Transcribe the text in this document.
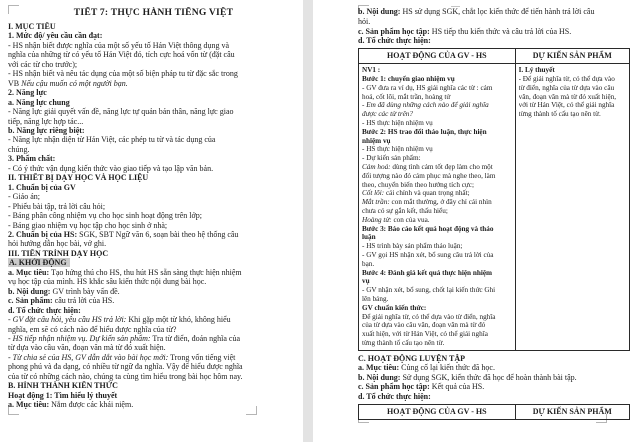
TIẾT 7: THỰC HÀNH TIẾNG VIỆT
I. MỤC TIÊU
1. Mức độ/ yêu cầu cần đạt:
- HS nhận biết được nghĩa của một số yếu tố Hán Việt thông dụng và
nghĩa của những từ có yếu tố Hán Việt đó, tích cực hoá vốn từ (đặt câu
với các từ cho trước);
- HS nhận biết và nêu tác dụng của một số biện pháp tu từ đặc sắc trong
VB Nếu cậu muốn có một người bạn.
2. Năng lực
a. Năng lực chung
- Năng lực giải quyết vấn đề, năng lực tự quản bản thân, năng lực giao
tiếp, năng lực hợp tác...
b. Năng lực riêng biệt:
- Năng lực nhận diện từ Hán Việt, các phép tu từ và tác dụng của
chúng.
3. Phẩm chất:
- Có ý thức vận dụng kiến thức vào giao tiếp và tạo lập văn bản.
II. THIẾT BỊ DẠY HỌC VÀ HỌC LIỆU
1. Chuẩn bị của GV
- Giáo án;
- Phiếu bài tập, trả lời câu hỏi;
- Bảng phân công nhiệm vụ cho học sinh hoạt động trên lớp;
- Bảng giao nhiệm vụ học tập cho học sinh ở nhà;
2. Chuẩn bị của HS: SGK, SBT Ngữ văn 6, soạn bài theo hệ thống câu
hỏi hướng dẫn học bài, vở ghi.
III. TIẾN TRÌNH DẠY HỌC
A. KHỞI ĐỘNG
a. Mục tiêu: Tạo hứng thú cho HS, thu hút HS sẵn sàng thực hiện nhiệm
vụ học tập của mình. HS khắc sâu kiến thức nội dung bài học.
b. Nội dung: GV trình bày vấn đề.
c. Sản phẩm: câu trả lời của HS.
d. Tổ chức thực hiện:
- GV đặt câu hỏi, yêu cầu HS trả lời: Khi gặp một từ khó, không hiểu
nghĩa, em sẽ có cách nào để hiểu được nghĩa của từ?
- HS tiếp nhận nhiệm vụ. Dự kiến sản phẩm: Tra từ điển, đoán nghĩa của
từ dựa vào câu văn, đoạn văn mà từ đó xuất hiện.
- Từ chia sẻ của HS, GV dẫn dắt vào bài học mới: Trong vốn tiếng việt
phong phú và đa dạng, có nhiều từ ngữ đa nghĩa. Vậy để hiểu được nghĩa
của từ có những cách nào, chúng ta cùng tìm hiểu trong bài học hôm nay.
B. HÌNH THÀNH KIẾN THỨC
Hoạt động 1: Tìm hiểu lý thuyết
a. Mục tiêu: Nắm được các khái niệm.
b. Nội dung: HS sử dụng SGK, chắt lọc kiến thức để tiến hành trả lời câu
hỏi.
c. Sản phẩm học tập: HS tiếp thu kiến thức và câu trả lời của HS.
d. Tổ chức thực hiện:
HOẠT ĐỘNG CỦA GV - HS	DỰ KIẾN SẢN PHẨM
NV1 :
Bước 1: chuyển giao nhiệm vụ
- GV đưa ra ví dụ, HS giải nghĩa các từ : cảm
hoá, cốt lõi, mắt trần, hoàng tử
- Em đã dùng những cách nào để giải nghĩa
được các từ trên?
- HS thực hiện nhiệm vụ
Bước 2: HS trao đổi thảo luận, thực hiện
nhiệm vụ
- HS thực hiện nhiệm vụ
- Dự kiến sản phẩm:
Cảm hoá: dùng tình cảm tốt đẹp làm cho một
đối tượng nào đó cảm phục mà nghe theo, làm
theo, chuyển biến theo hướng tích cực;
Cốt lõi: cái chính và quan trọng nhất;
Mắt trần: con mắt thường, ở đây chỉ cái nhìn
chưa có sự gắn kết, thấu hiểu;
Hoàng tử: con của vua.
Bước 3: Báo cáo kết quả hoạt động và thảo
luận
- HS trình bày sản phẩm thảo luận;
- GV gọi HS nhận xét, bổ sung câu trả lời của
bạn.
Bước 4: Đánh giá kết quả thực hiện nhiệm
vụ
- GV nhận xét, bổ sung, chốt lại kiến thức Ghi
lên bảng.
GV chuẩn kiến thức:
Để giải nghĩa từ, có thể dựa vào từ điển, nghĩa
của từ dựa vào câu văn, đoạn văn mà từ đó
xuất hiện, với từ Hán Việt, có thể giải nghĩa
từng thành tố cấu tạo nên từ.
I. Lý thuyết
- Để giải nghĩa từ, có thể dựa vào
từ điển, nghĩa của từ dựa vào câu
văn, đoạn văn mà từ đó xuất hiện,
với từ Hán Việt, có thể giải nghĩa
từng thành tố cấu tạo nên từ.
C. HOẠT ĐỘNG LUYỆN TẬP
a. Mục tiêu: Củng cố lại kiến thức đã học.
b. Nội dung: Sử dụng SGK, kiến thức đã học để hoàn thành bài tập.
c. Sản phẩm học tập: Kết quả của HS.
d. Tổ chức thực hiện:
HOẠT ĐỘNG CỦA GV - HS	DỰ KIẾN SẢN PHẨM
